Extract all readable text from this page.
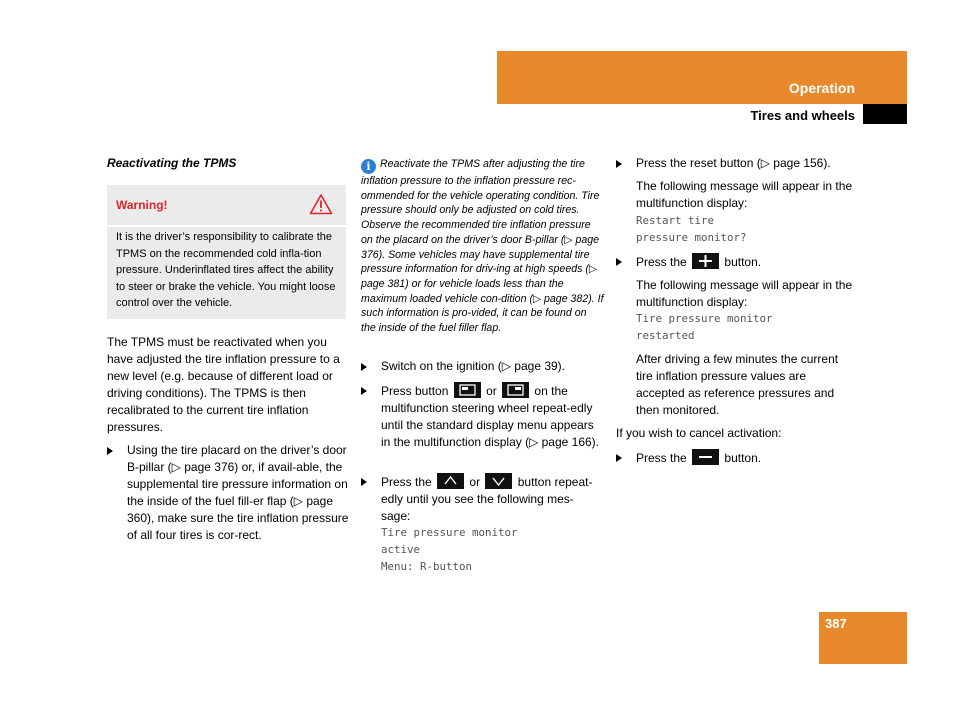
Operation
Tires and wheels
Reactivating the TPMS
Warning!
It is the driver’s responsibility to calibrate the TPMS on the recommended cold infla-tion pressure. Underinflated tires affect the ability to steer or brake the vehicle. You might loose control over the vehicle.

The TPMS must be reactivated when you have adjusted the tire inflation pressure to a new level (e.g. because of different load or driving conditions). The TPMS is then recalibrated to the current tire inflation pressures.

Using the tire placard on the driver’s door B-pillar (▷ page 376) or, if avail-able, the supplemental tire pressure information on the inside of the fuel fill-er flap (▷ page 360), make sure the tire inflation pressure of all four tires is cor-rect.
i Reactivate the TPMS after adjusting the tire inflation pressure to the inflation pressure rec-ommended for the vehicle operating condition. Tire pressure should only be adjusted on cold tires. Observe the recommended tire inflation pressure on the placard on the driver’s door B-pillar (▷ page 376). Some vehicles may have supplemental tire pressure information for driv-ing at high speeds (▷ page 381) or for vehicle loads less than the maximum loaded vehicle con-dition (▷ page 382). If such information is pro-vided, it can be found on the inside of the fuel filler flap.
Switch on the ignition (▷ page 39).
Press button	or	on the multifunction steering wheel repeat-edly until the standard display menu appears in the multifunction display (▷ page 166).
Press the	or	button repeat-edly until you see the following mes-sage:
Tire pressure monitor
active
Menu: R-button
Press the reset button (▷ page 156).

The following message will appear in the multifunction display:

Restart tire
pressure monitor?
Press the	button.

The following message will appear in the multifunction display:

Tire pressure monitor
restarted

After driving a few minutes the current tire inflation pressure values are accepted as reference pressures and then monitored.

If you wish to cancel activation:

Press the	button.
387
